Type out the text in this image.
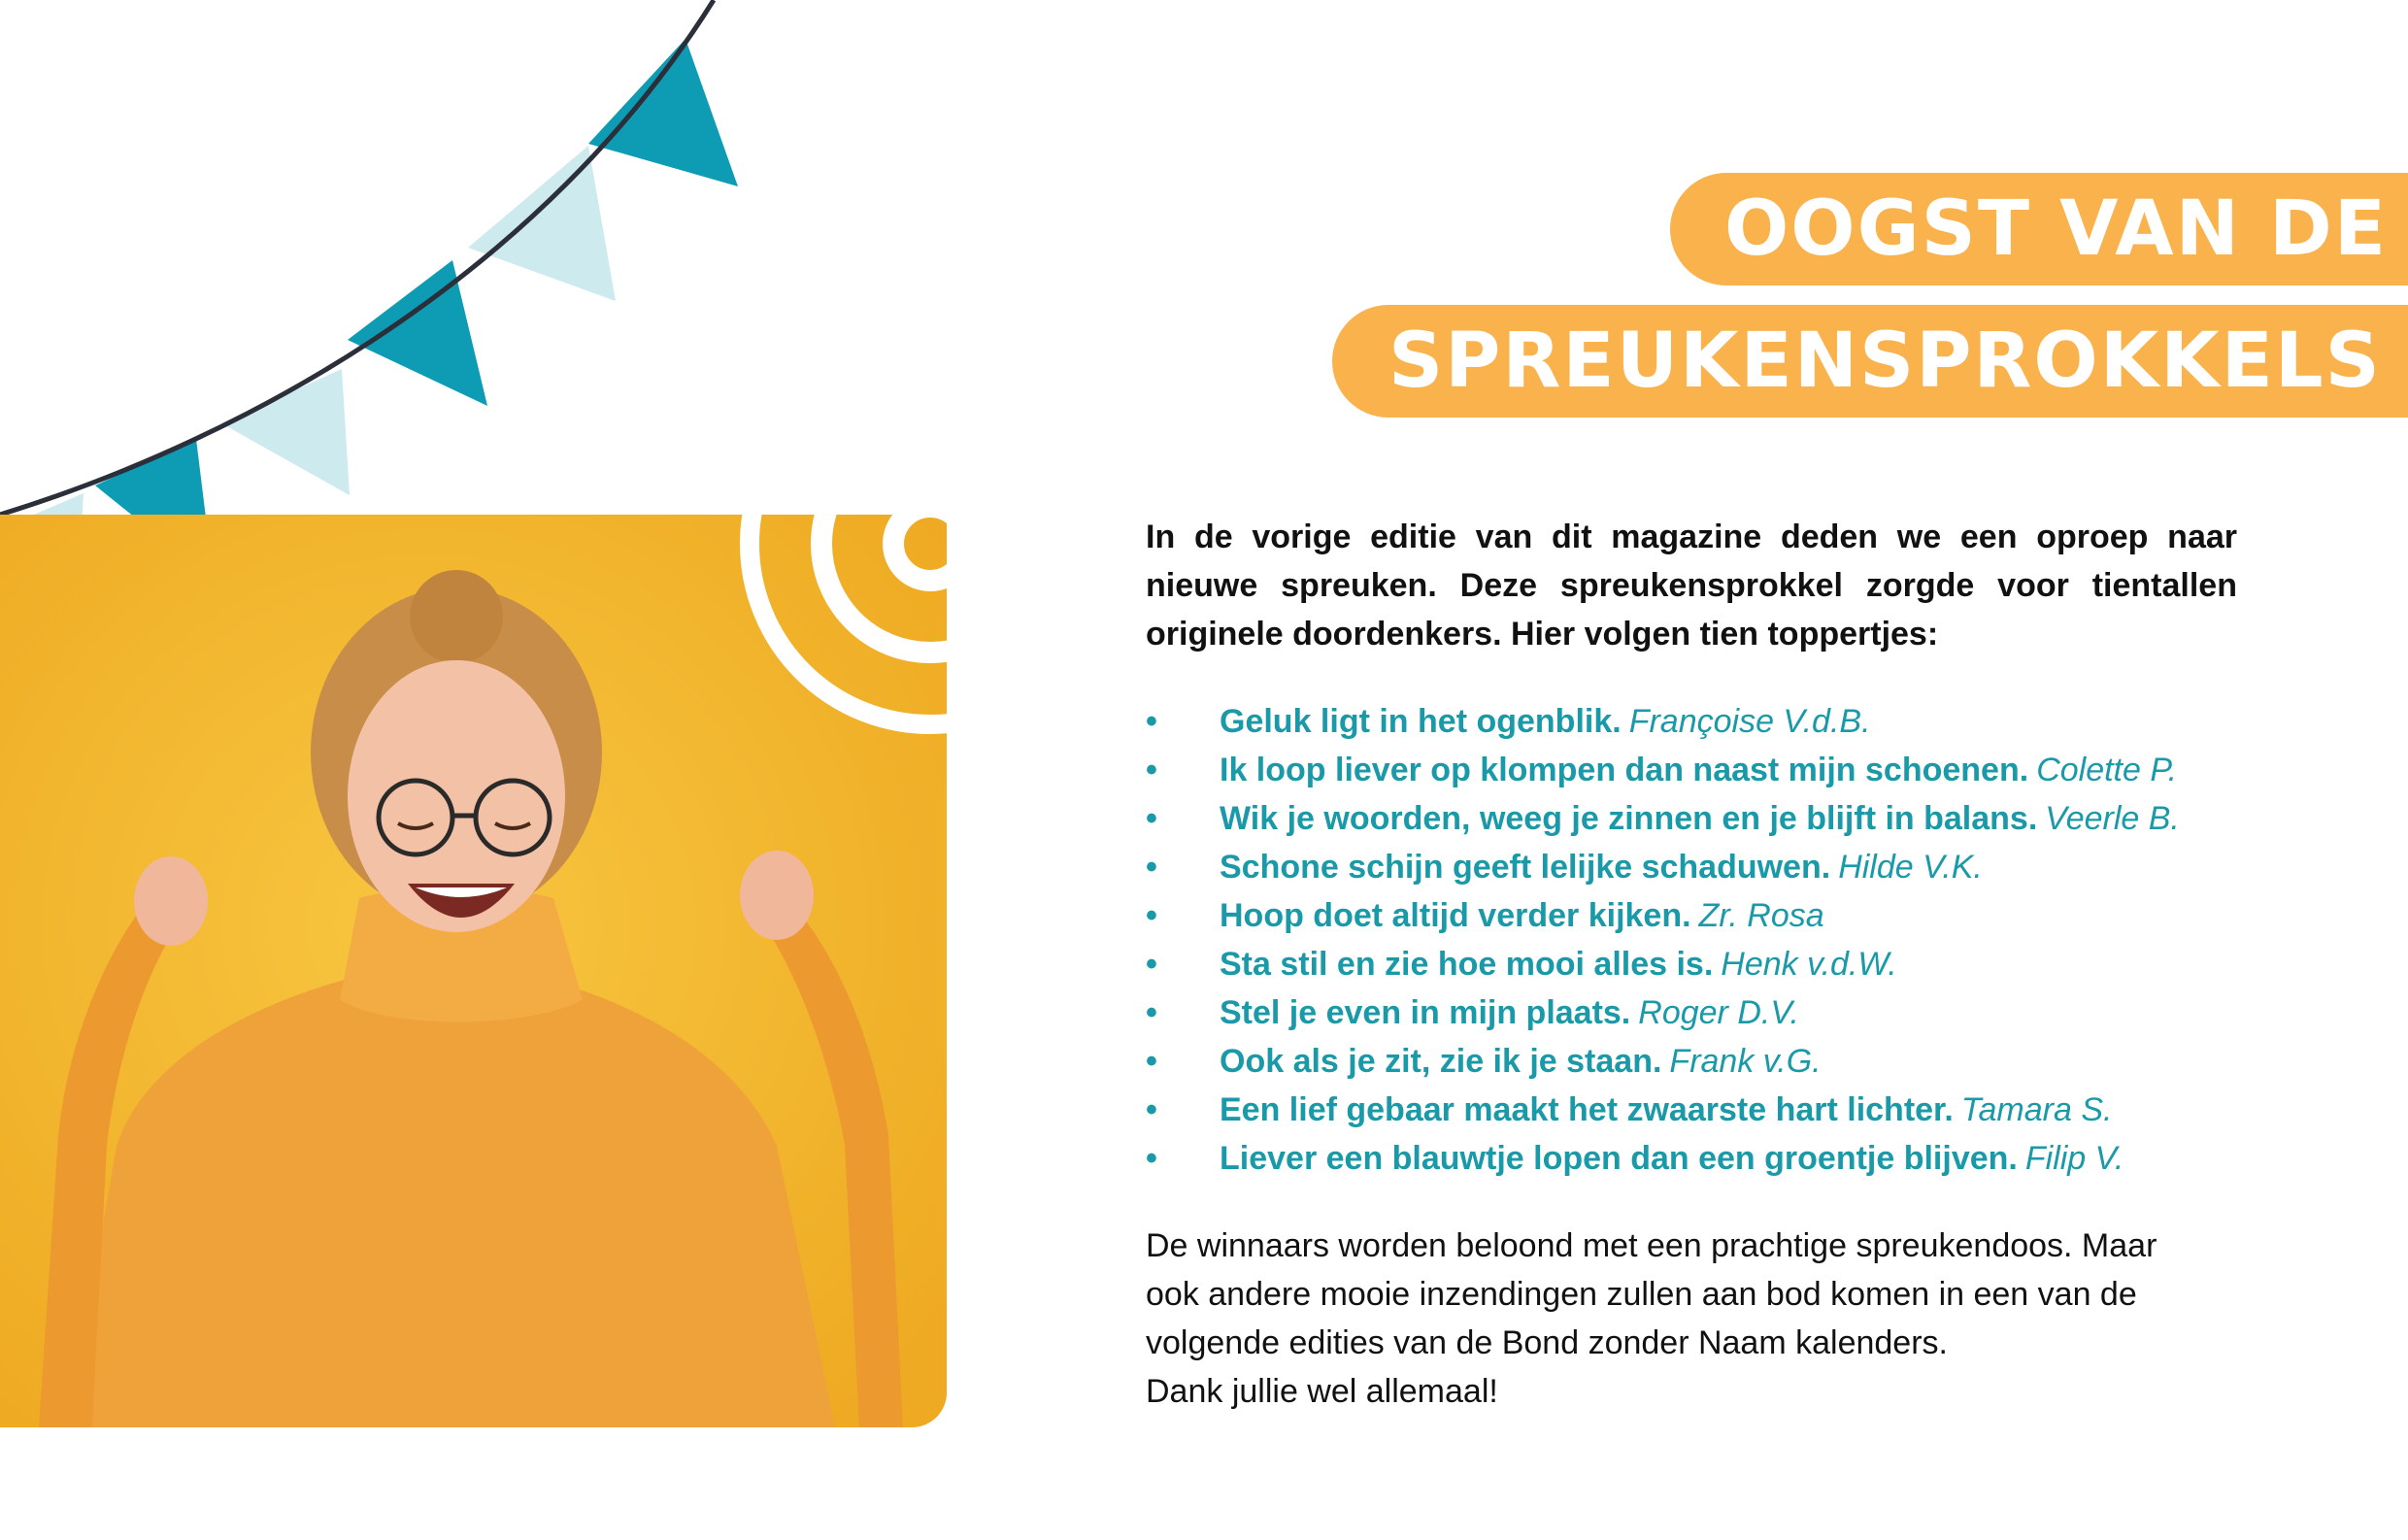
OOGST VAN DE
SPREUKENSPROKKELS

In de vorige editie van dit magazine deden we een oproep naar nieuwe spreuken. Deze spreukensprokkel zorgde voor tientallen originele doordenkers. Hier volgen tien toppertjes:

• Geluk ligt in het ogenblik. Françoise V.d.B.
• Ik loop liever op klompen dan naast mijn schoenen. Colette P.
• Wik je woorden, weeg je zinnen en je blijft in balans. Veerle B.
• Schone schijn geeft lelijke schaduwen. Hilde V.K.
• Hoop doet altijd verder kijken. Zr. Rosa
• Sta stil en zie hoe mooi alles is. Henk v.d.W.
• Stel je even in mijn plaats. Roger D.V.
• Ook als je zit, zie ik je staan. Frank v.G.
• Een lief gebaar maakt het zwaarste hart lichter. Tamara S.
• Liever een blauwtje lopen dan een groentje blijven. Filip V.

De winnaars worden beloond met een prachtige spreukendoos. Maar
ook andere mooie inzendingen zullen aan bod komen in een van de
volgende edities van de Bond zonder Naam kalenders.
Dank jullie wel allemaal!
